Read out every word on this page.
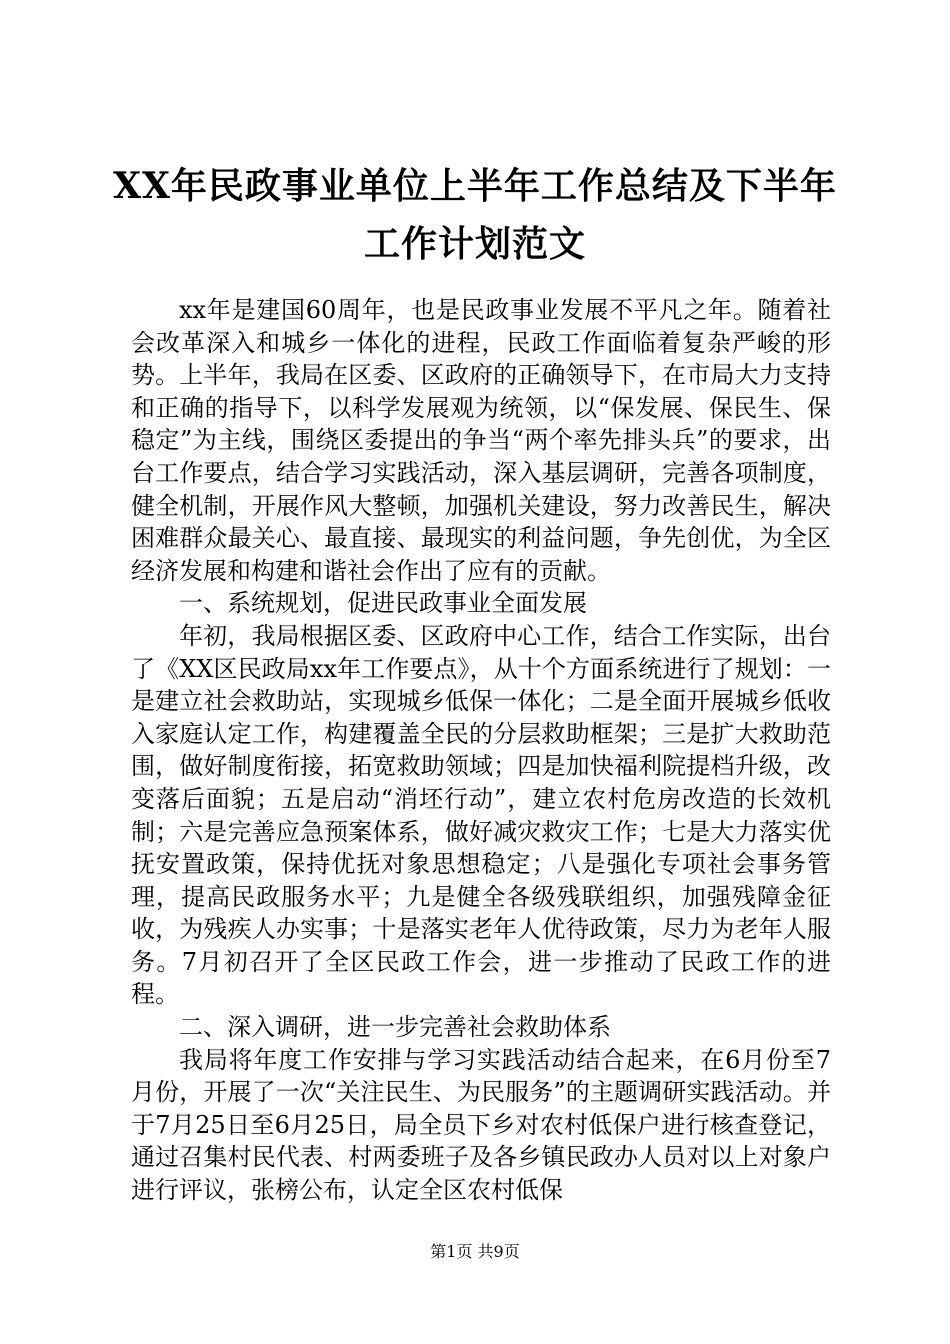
XX年民政事业单位上半年工作总结及下半年
工作计划范文

xx年是建国60周年，也是民政事业发展不平凡之年。随着社会改革深入和城乡一体化的进程，民政工作面临着复杂严峻的形势。上半年，我局在区委、区政府的正确领导下，在市局大力支持和正确的指导下，以科学发展观为统领，以“保发展、保民生、保稳定”为主线，围绕区委提出的争当“两个率先排头兵”的要求，出台工作要点，结合学习实践活动，深入基层调研，完善各项制度，健全机制，开展作风大整顿，加强机关建设，努力改善民生，解决困难群众最关心、最直接、最现实的利益问题，争先创优，为全区经济发展和构建和谐社会作出了应有的贡献。

一、系统规划，促进民政事业全面发展

年初，我局根据区委、区政府中心工作，结合工作实际，出台了《XX区民政局xx年工作要点》，从十个方面系统进行了规划：一是建立社会救助站，实现城乡低保一体化；二是全面开展城乡低收入家庭认定工作，构建覆盖全民的分层救助框架；三是扩大救助范围，做好制度衔接，拓宽救助领域；四是加快福利院提档升级，改变落后面貌；五是启动“消坯行动”，建立农村危房改造的长效机制；六是完善应急预案体系，做好减灾救灾工作；七是大力落实优抚安置政策，保持优抚对象思想稳定；八是强化专项社会事务管理，提高民政服务水平；九是健全各级残联组织，加强残障金征收，为残疾人办实事；十是落实老年人优待政策，尽力为老年人服务。7月初召开了全区民政工作会，进一步推动了民政工作的进程。

二、深入调研，进一步完善社会救助体系

我局将年度工作安排与学习实践活动结合起来，在6月份至7月份，开展了一次“关注民生、为民服务”的主题调研实践活动。并于7月25日至6月25日，局全员下乡对农村低保户进行核查登记，通过召集村民代表、村两委班子及各乡镇民政办人员对以上对象户进行评议，张榜公布，认定全区农村低保

第1页 共9页
